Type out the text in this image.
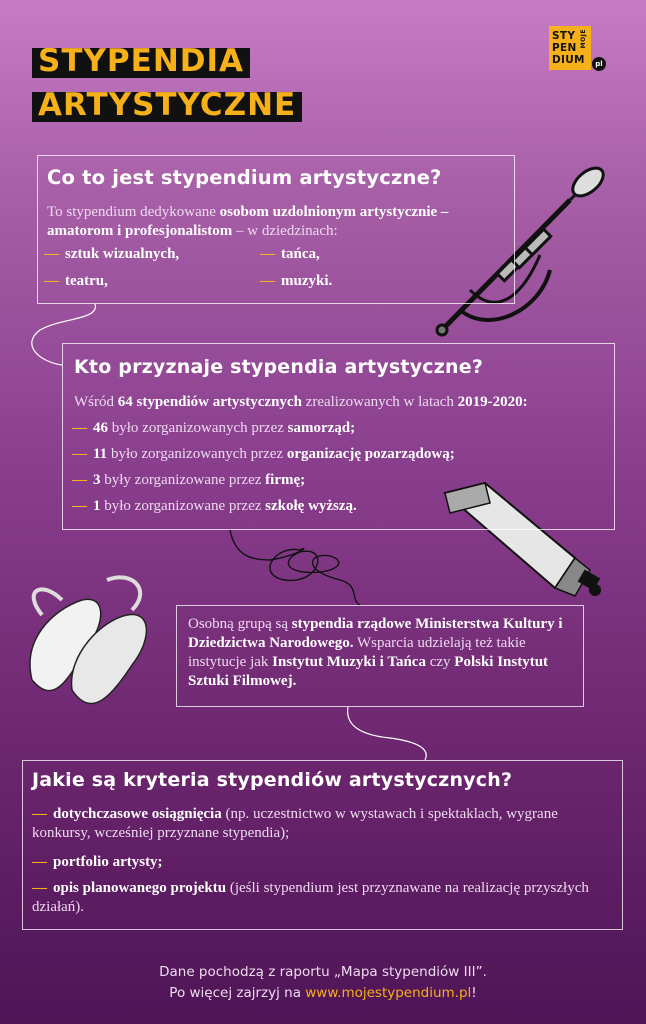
STYPENDIA
ARTYSTYCZNE
STY
PEN
DIUM
MOJE
pl
Co to jest stypendium artystyczne?

To stypendium dedykowane osobom uzdolnionym artystycznie – amatorom i profesjonalistom – w dziedzinach:

— sztuk wizualnych,	— tańca,
— teatru,	— muzyki.
Kto przyznaje stypendia artystyczne?

Wśród 64 stypendiów artystycznych zrealizowanych w latach 2019-2020:

— 46 było zorganizowanych przez samorząd;
— 11 było zorganizowanych przez organizację pozarządową;
— 3 były zorganizowane przez firmę;
— 1 było zorganizowane przez szkołę wyższą.

Osobną grupą są stypendia rządowe Ministerstwa Kultury i Dziedzictwa Narodowego. Wsparcia udzielają też takie instytucje jak Instytut Muzyki i Tańca czy Polski Instytut Sztuki Filmowej.

Jakie są kryteria stypendiów artystycznych?
— dotychczasowe osiągnięcia (np. uczestnictwo w wystawach i spektaklach, wygrane konkursy, wcześniej przyznane stypendia);
— portfolio artysty;
— opis planowanego projektu (jeśli stypendium jest przyznawane na realizację przyszłych działań).
Dane pochodzą z raportu „Mapa stypendiów III”.
Po więcej zajrzyj na www.mojestypendium.pl!
